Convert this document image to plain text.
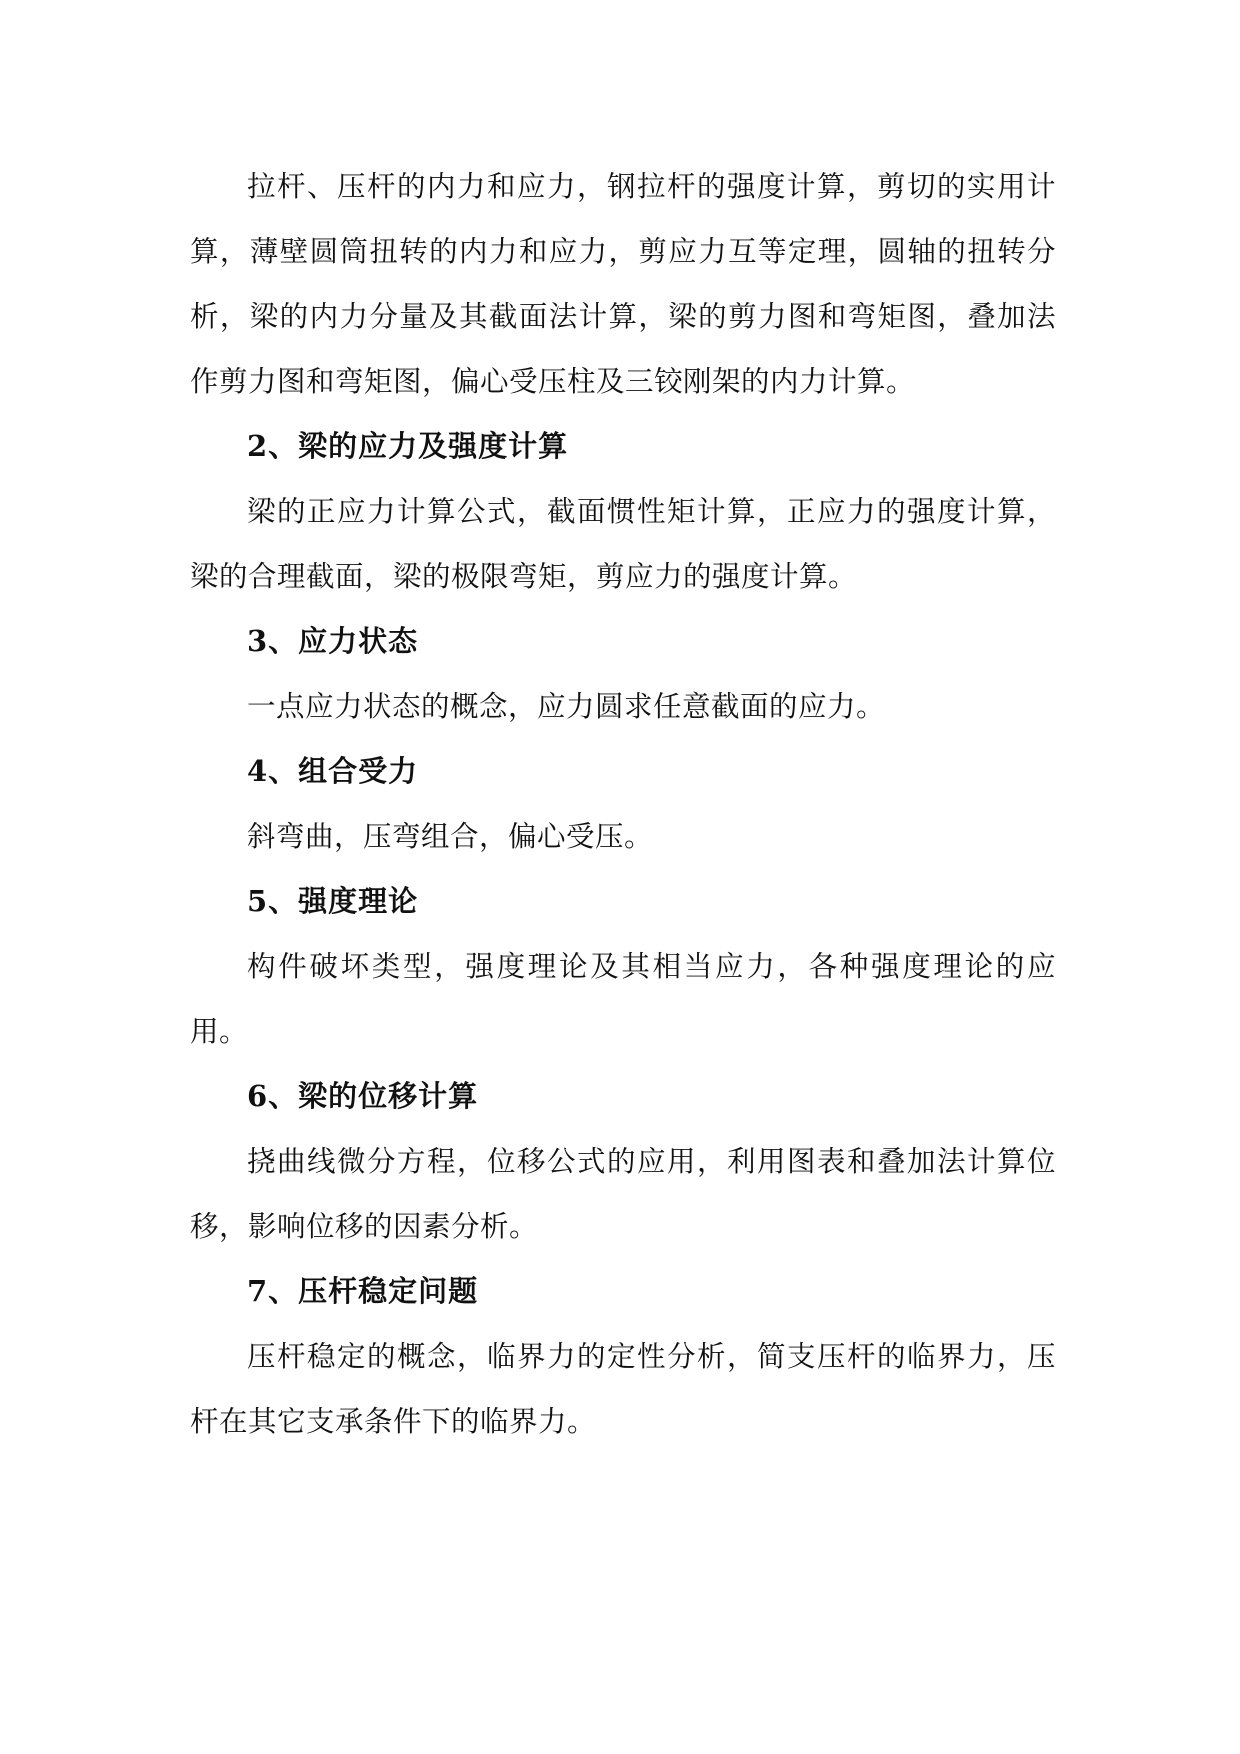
拉杆、压杆的内力和应力，钢拉杆的强度计算，剪切的实用计算，薄壁圆筒扭转的内力和应力，剪应力互等定理，圆轴的扭转分析，梁的内力分量及其截面法计算，梁的剪力图和弯矩图，叠加法作剪力图和弯矩图，偏心受压柱及三铰刚架的内力计算。

2、梁的应力及强度计算

梁的正应力计算公式，截面惯性矩计算，正应力的强度计算，梁的合理截面，梁的极限弯矩，剪应力的强度计算。

3、应力状态

一点应力状态的概念，应力圆求任意截面的应力。

4、组合受力

斜弯曲，压弯组合，偏心受压。

5、强度理论

构件破坏类型，强度理论及其相当应力，各种强度理论的应用。

6、梁的位移计算

挠曲线微分方程，位移公式的应用，利用图表和叠加法计算位移，影响位移的因素分析。

7、压杆稳定问题

压杆稳定的概念，临界力的定性分析，简支压杆的临界力，压杆在其它支承条件下的临界力。
